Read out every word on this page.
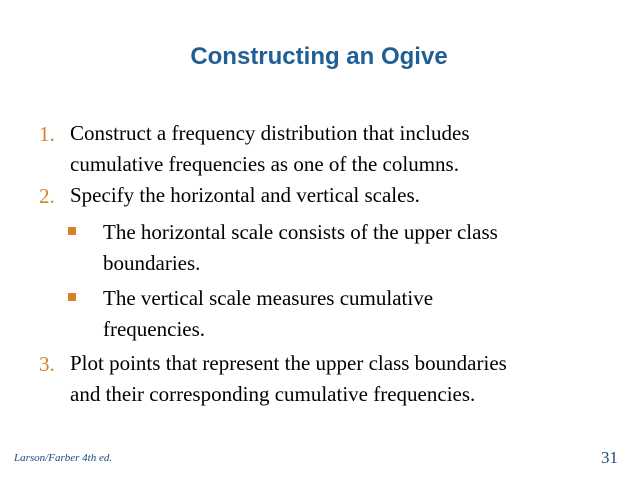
Constructing an Ogive
1. Construct a frequency distribution that includes
cumulative frequencies as one of the columns.
2. Specify the horizontal and vertical scales.
The horizontal scale consists of the upper class
boundaries.
The vertical scale measures cumulative
frequencies.
3. Plot points that represent the upper class boundaries
and their corresponding cumulative frequencies.
Larson/Farber 4th ed.	31
